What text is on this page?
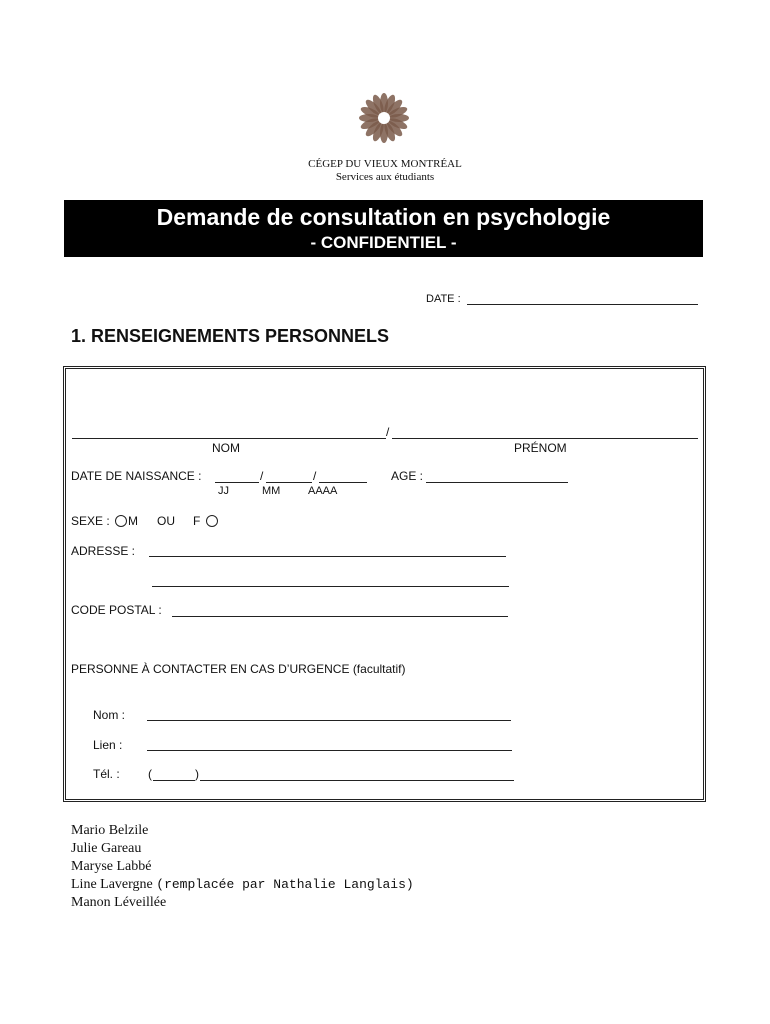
CÉGEP DU VIEUX MONTRÉAL
Services aux étudiants
Demande de consultation en psychologie
- CONFIDENTIEL -
DATE :
1. RENSEIGNEMENTS PERSONNELS
/
NOM	PRÉNOM
DATE DE NAISSANCE :	/	/
JJ	MM	AAAA
AGE :
SEXE : M OU F
ADRESSE :
CODE POSTAL :
PERSONNE À CONTACTER EN CAS D’URGENCE (facultatif)
Nom :
Lien :
Tél. : (	)
Mario Belzile
Julie Gareau
Maryse Labbé
Line Lavergne (remplacée par Nathalie Langlais)
Manon Léveillée
